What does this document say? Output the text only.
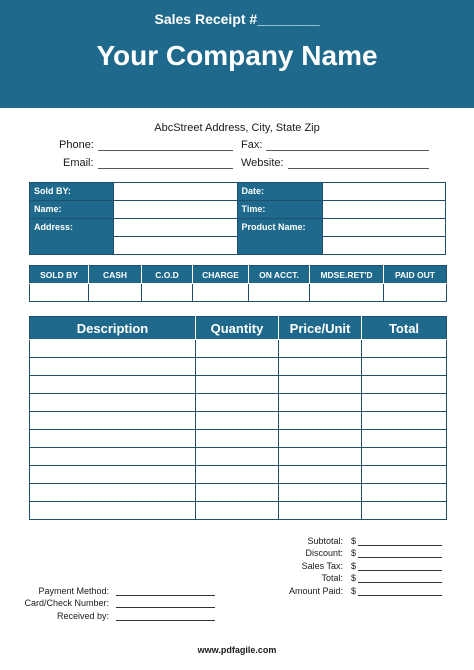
Sales Receipt #________
Your Company Name
AbcStreet Address, City, State Zip
Phone:	Fax:
Email:	Website:
Sold BY:		Date:	
Name:		Time:	
Address:		Product Name:	

SOLD BY	CASH	C.O.D	CHARGE	ON ACCT.	MDSE.RET'D	PAID OUT

Description	Quantity	Price/Unit	Total

Subtotal: $
Discount: $
Sales Tax: $
Total: $
Amount Paid: $
Payment Method:
Card/Check Number:
Received by:
www.pdfagile.com
